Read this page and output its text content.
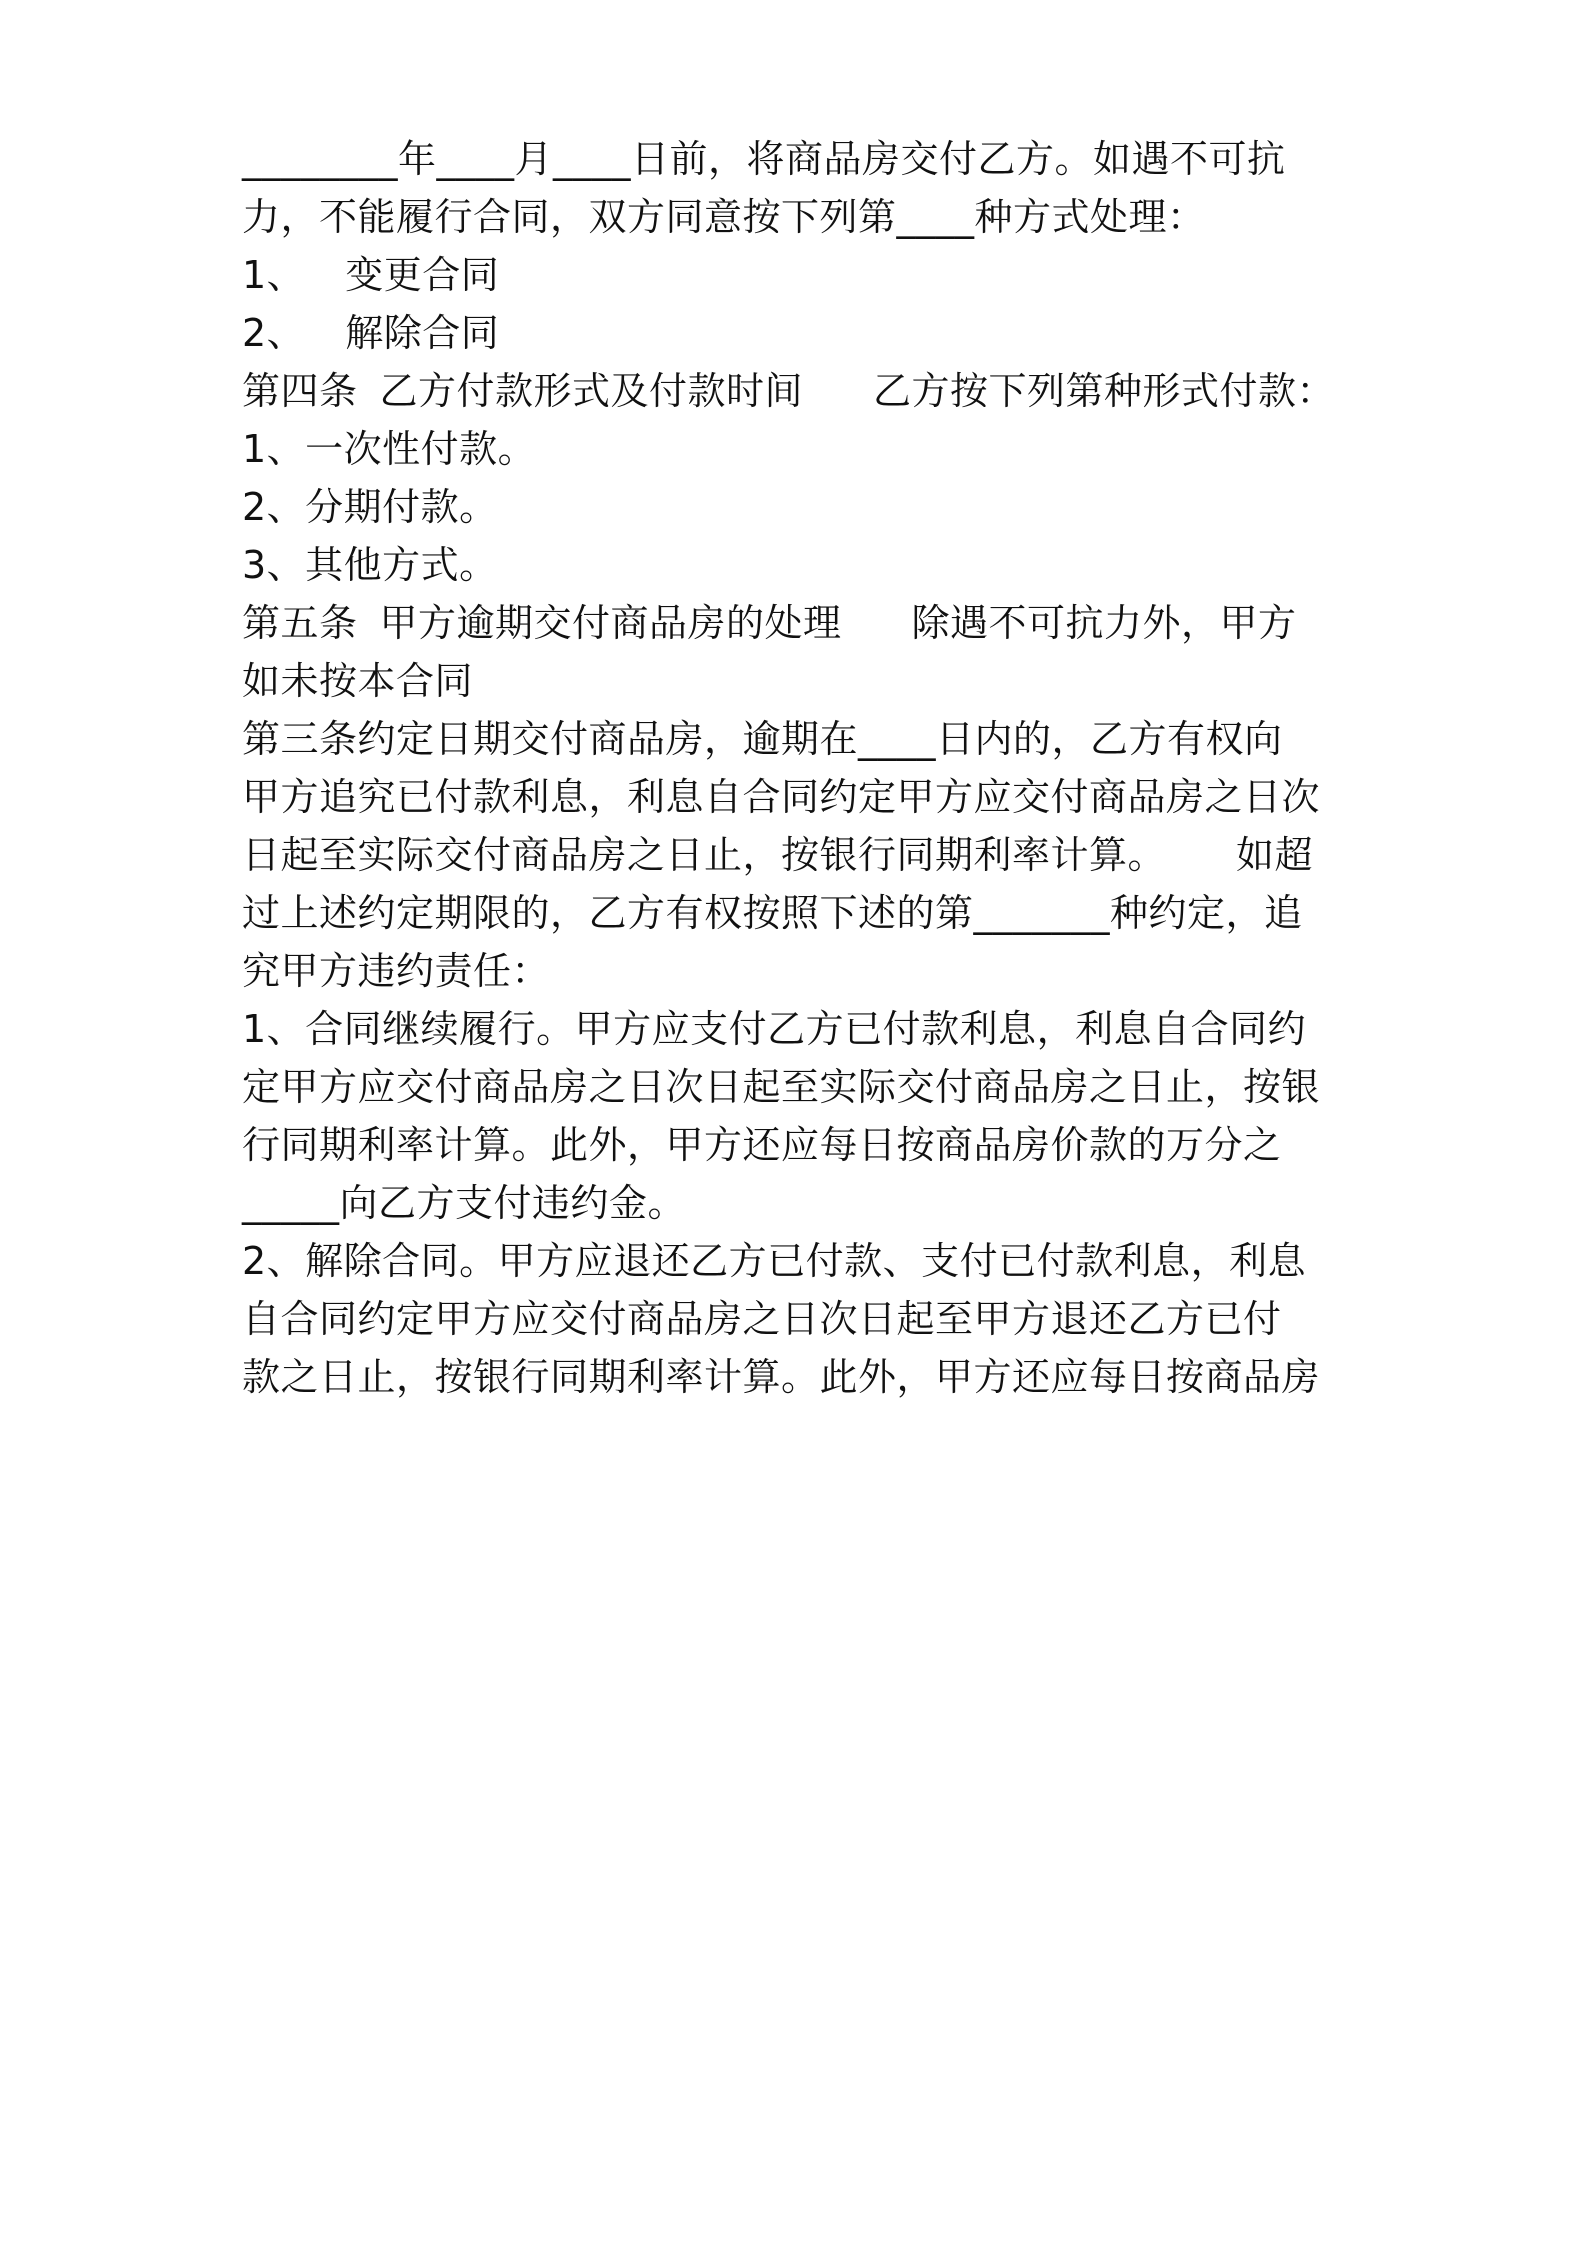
________年____月____日前，将商品房交付乙方。如遇不可抗
力，不能履行合同，双方同意按下列第____种方式处理：
1、 变更合同
2、 解除合同
第四条 乙方付款形式及付款时间 乙方按下列第种形式付款：
1、一次性付款。
2、分期付款。
3、其他方式。
第五条 甲方逾期交付商品房的处理 除遇不可抗力外，甲方
如未按本合同
第三条约定日期交付商品房，逾期在____日内的，乙方有权向
甲方追究已付款利息，利息自合同约定甲方应交付商品房之日次
日起至实际交付商品房之日止，按银行同期利率计算。 如超
过上述约定期限的，乙方有权按照下述的第_______种约定，追
究甲方违约责任：
1、合同继续履行。甲方应支付乙方已付款利息，利息自合同约
定甲方应交付商品房之日次日起至实际交付商品房之日止，按银
行同期利率计算。此外，甲方还应每日按商品房价款的万分之
_____向乙方支付违约金。
2、解除合同。甲方应退还乙方已付款、支付已付款利息，利息
自合同约定甲方应交付商品房之日次日起至甲方退还乙方已付
款之日止，按银行同期利率计算。此外，甲方还应每日按商品房
